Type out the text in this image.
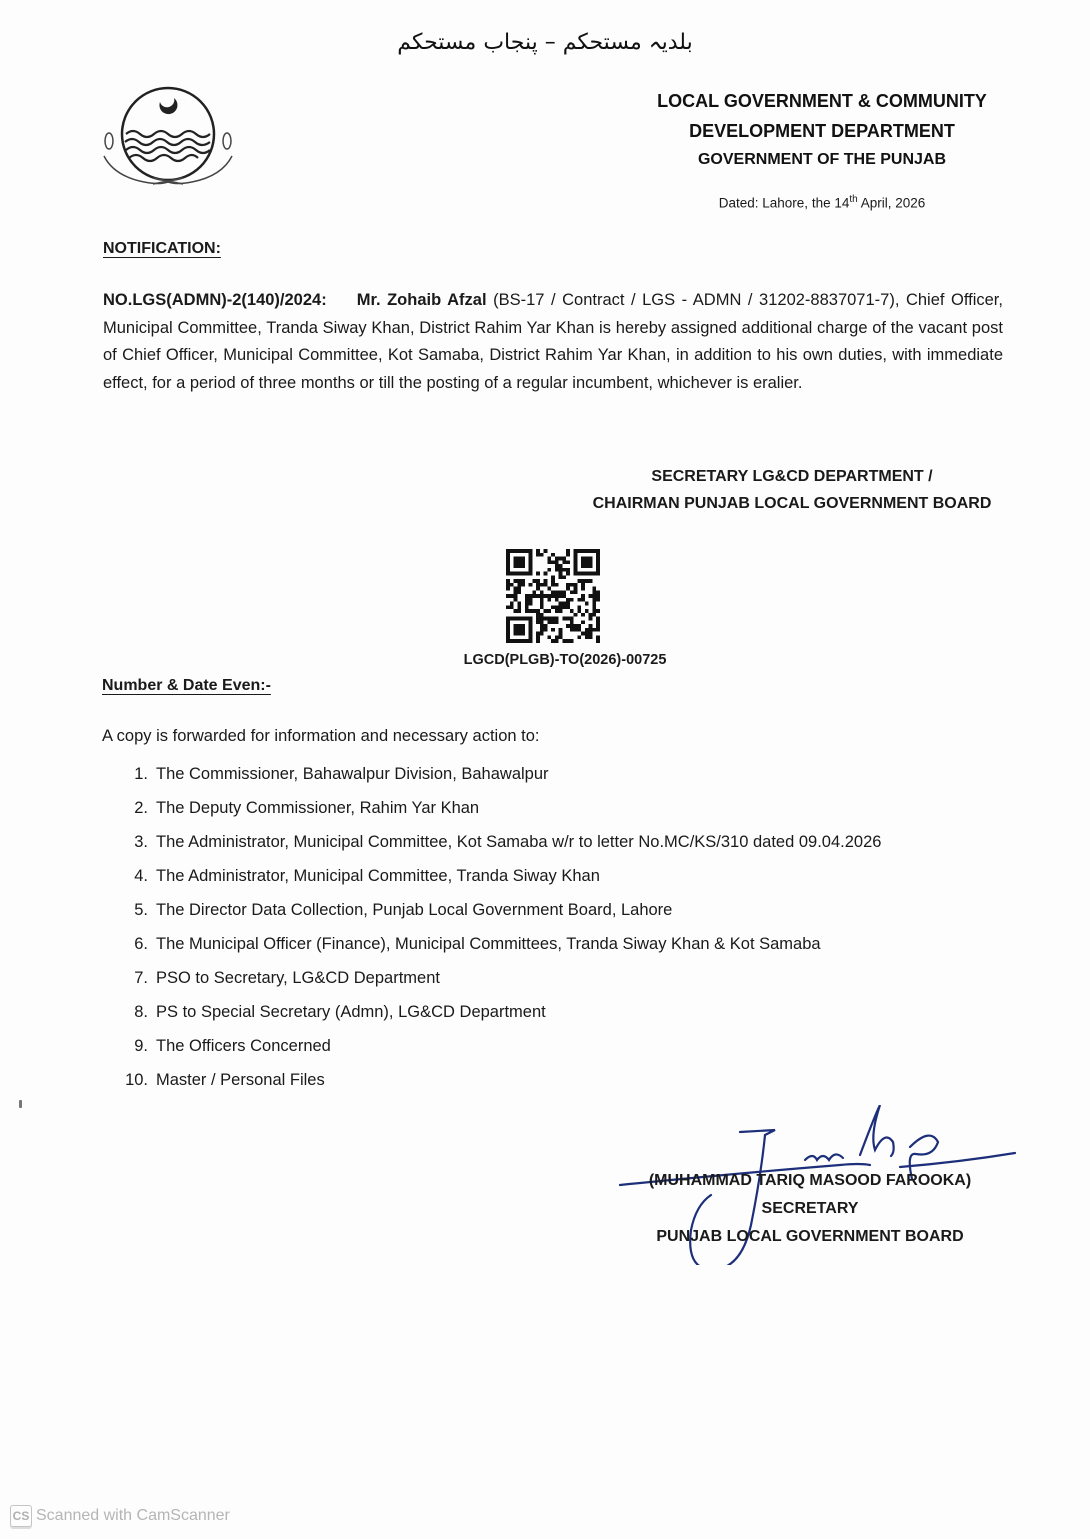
بلدیہ مستحکم – پنجاب مستحکم
LOCAL GOVERNMENT & COMMUNITY
DEVELOPMENT DEPARTMENT
GOVERNMENT OF THE PUNJAB
Dated: Lahore, the 14th April, 2026
NOTIFICATION:
NO.LGS(ADMN)-2(140)/2024: Mr. Zohaib Afzal (BS-17 / Contract / LGS - ADMN / 31202-8837071-7), Chief Officer, Municipal Committee, Tranda Siway Khan, District Rahim Yar Khan is hereby assigned additional charge of the vacant post of Chief Officer, Municipal Committee, Kot Samaba, District Rahim Yar Khan, in addition to his own duties, with immediate effect, for a period of three months or till the posting of a regular incumbent, whichever is eralier.
SECRETARY LG&CD DEPARTMENT /
CHAIRMAN PUNJAB LOCAL GOVERNMENT BOARD
LGCD(PLGB)-TO(2026)-00725
Number & Date Even:-
A copy is forwarded for information and necessary action to:
1. The Commissioner, Bahawalpur Division, Bahawalpur
2. The Deputy Commissioner, Rahim Yar Khan
3. The Administrator, Municipal Committee, Kot Samaba w/r to letter No.MC/KS/310 dated 09.04.2026
4. The Administrator, Municipal Committee, Tranda Siway Khan
5. The Director Data Collection, Punjab Local Government Board, Lahore
6. The Municipal Officer (Finance), Municipal Committees, Tranda Siway Khan & Kot Samaba
7. PSO to Secretary, LG&CD Department
8. PS to Special Secretary (Admn), LG&CD Department
9. The Officers Concerned
10. Master / Personal Files
(MUHAMMAD TARIQ MASOOD FAROOKA)
SECRETARY
PUNJAB LOCAL GOVERNMENT BOARD
CS Scanned with CamScanner
